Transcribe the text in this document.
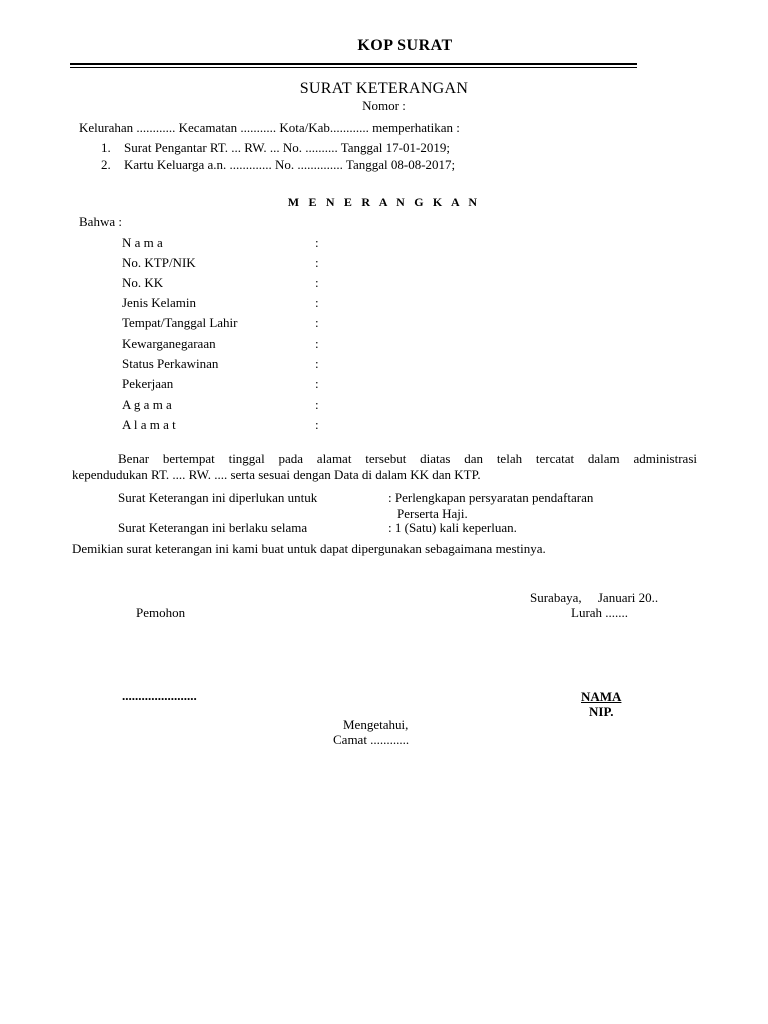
KOP SURAT
SURAT KETERANGAN
Nomor :
Kelurahan ............ Kecamatan ........... Kota/Kab............ memperhatikan :
1. Surat Pengantar RT. ... RW. ... No. .......... Tanggal 17-01-2019;
2. Kartu Keluarga a.n. ............. No. .............. Tanggal 08-08-2017;
M E N E R A N G K A N
Bahwa :
N a m a	:
No. KTP/NIK	:
No. KK	:
Jenis Kelamin	:
Tempat/Tanggal Lahir	:
Kewarganegaraan	:
Status Perkawinan	:
Pekerjaan	:
A g a m a	:
A l a m a t	:
Benar bertempat tinggal pada alamat tersebut diatas dan telah tercatat dalam administrasi
kependudukan RT. .... RW. .... serta sesuai dengan Data di dalam KK dan KTP.
Surat Keterangan ini diperlukan untuk	: Perlengkapan persyaratan pendaftaran
Perserta Haji.
Surat Keterangan ini berlaku selama	: 1 (Satu) kali keperluan.
Demikian surat keterangan ini kami buat untuk dapat dipergunakan sebagaimana mestinya.
Surabaya,     Januari 20..
Pemohon	Lurah .......
.......................	NAMA
NIP.
Mengetahui,
Camat ............
